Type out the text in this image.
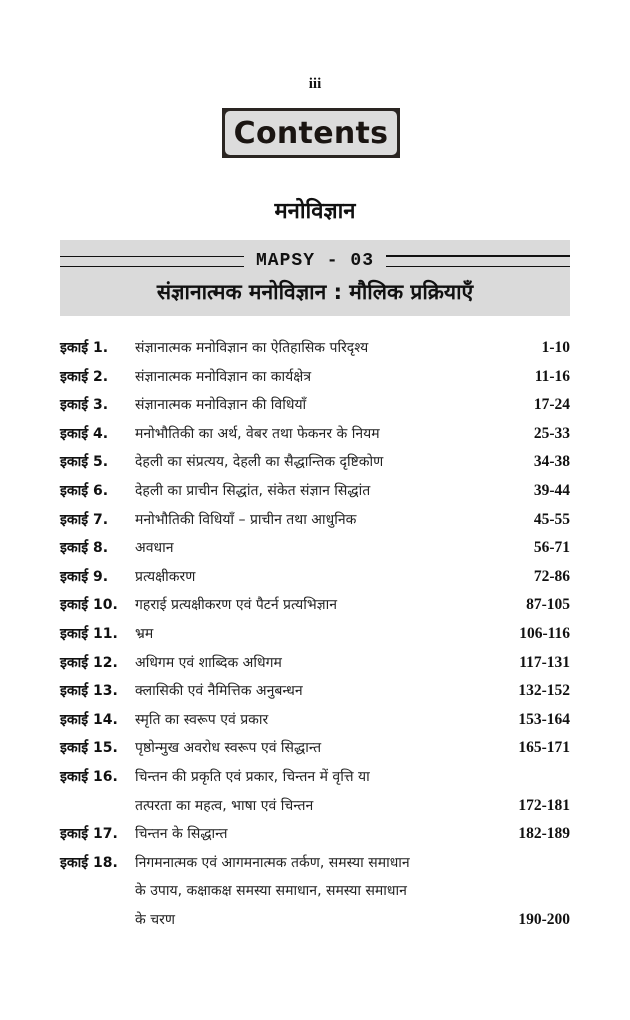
iii
Contents
मनोविज्ञान
MAPSY - 03
संज्ञानात्मक मनोविज्ञान : मौलिक प्रक्रियाएँ
इकाई 1.	संज्ञानात्मक मनोविज्ञान का ऐतिहासिक परिदृश्य	1-10
इकाई 2.	संज्ञानात्मक मनोविज्ञान का कार्यक्षेत्र	11-16
इकाई 3.	संज्ञानात्मक मनोविज्ञान की विधियाँ	17-24
इकाई 4.	मनोभौतिकी का अर्थ, वेबर तथा फेकनर के नियम	25-33
इकाई 5.	देहली का संप्रत्यय, देहली का सैद्धान्तिक दृष्टिकोण	34-38
इकाई 6.	देहली का प्राचीन सिद्धांत, संकेत संज्ञान सिद्धांत	39-44
इकाई 7.	मनोभौतिकी विधियाँ – प्राचीन तथा आधुनिक	45-55
इकाई 8.	अवधान	56-71
इकाई 9.	प्रत्यक्षीकरण	72-86
इकाई 10.	गहराई प्रत्यक्षीकरण एवं पैटर्न प्रत्यभिज्ञान	87-105
इकाई 11.	भ्रम	106-116
इकाई 12.	अधिगम एवं शाब्दिक अधिगम	117-131
इकाई 13.	क्लासिकी एवं नैमित्तिक अनुबन्धन	132-152
इकाई 14.	स्मृति का स्वरूप एवं प्रकार	153-164
इकाई 15.	पृष्ठोन्मुख अवरोध स्वरूप एवं सिद्धान्त	165-171
इकाई 16.	चिन्तन की प्रकृति एवं प्रकार, चिन्तन में वृत्ति या
तत्परता का महत्व, भाषा एवं चिन्तन	172-181
इकाई 17.	चिन्तन के सिद्धान्त	182-189
इकाई 18.	निगमनात्मक एवं आगमनात्मक तर्कण, समस्या समाधान
के उपाय, कक्षाकक्ष समस्या समाधान, समस्या समाधान
के चरण	190-200
